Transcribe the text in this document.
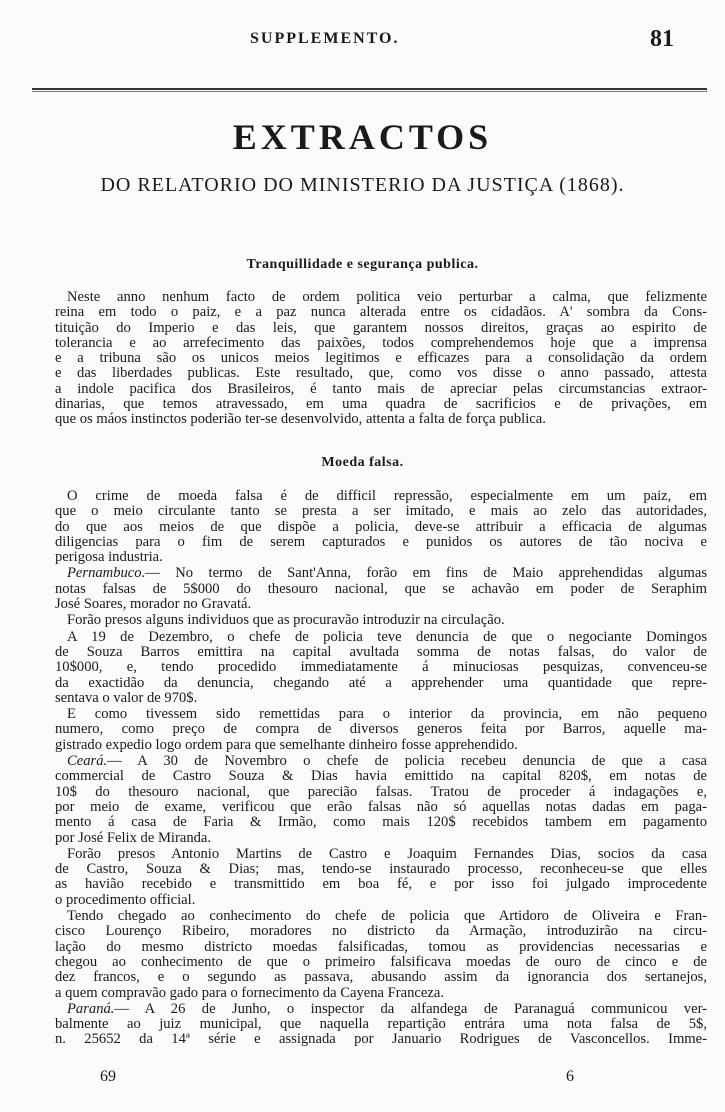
SUPPLEMENTO.	81
EXTRACTOS
DO RELATORIO DO MINISTERIO DA JUSTIÇA (1868).
Tranquillidade e segurança publica.
Neste anno nenhum facto de ordem politica veio perturbar a calma, que felizmente
reina em todo o paiz, e a paz nunca alterada entre os cidadãos. A' sombra da Cons-
tituição do Imperio e das leis, que garantem nossos direitos, graças ao espirito de
tolerancia e ao arrefecimento das paixões, todos comprehendemos hoje que a imprensa
e a tribuna são os unicos meios legitimos e efficazes para a consolidação da ordem
e das liberdades publicas. Este resultado, que, como vos disse o anno passado, attesta
a indole pacifica dos Brasileiros, é tanto mais de apreciar pelas circumstancias extraor-
dinarias, que temos atravessado, em uma quadra de sacrificios e de privações, em
que os máos instinctos poderião ter-se desenvolvido, attenta a falta de força publica.
Moeda falsa.
O crime de moeda falsa é de difficil repressão, especialmente em um paiz, em
que o meio circulante tanto se presta a ser imitado, e mais ao zelo das autoridades,
do que aos meios de que dispõe a policia, deve-se attribuir a efficacia de algumas
diligencias para o fim de serem capturados e punidos os autores de tão nociva e
perigosa industria.
Pernambuco.— No termo de Sant'Anna, forão em fins de Maio apprehendidas algumas
notas falsas de 5$000 do thesouro nacional, que se achavão em poder de Seraphim
José Soares, morador no Gravatá.
Forão presos alguns individuos que as procuravão introduzir na circulação.
A 19 de Dezembro, o chefe de policia teve denuncia de que o negociante Domingos
de Souza Barros emittira na capital avultada somma de notas falsas, do valor de
10$000, e, tendo procedido immediatamente á minuciosas pesquizas, convenceu-se
da exactidão da denuncia, chegando até a apprehender uma quantidade que repre-
sentava o valor de 970$.
E como tivessem sido remettidas para o interior da provincia, em não pequeno
numero, como preço de compra de diversos generos feita por Barros, aquelle ma-
gistrado expedio logo ordem para que semelhante dinheiro fosse apprehendido.
Ceará.— A 30 de Novembro o chefe de policia recebeu denuncia de que a casa
commercial de Castro Souza & Dias havia emittido na capital 820$, em notas de
10$ do thesouro nacional, que parecião falsas. Tratou de proceder á indagações e,
por meio de exame, verificou que erão falsas não só aquellas notas dadas em paga-
mento á casa de Faria & Irmão, como mais 120$ recebidos tambem em pagamento
por José Felix de Miranda.
Forão presos Antonio Martins de Castro e Joaquim Fernandes Dias, socios da casa
de Castro, Souza & Dias; mas, tendo-se instaurado processo, reconheceu-se que elles
as havião recebido e transmittido em boa fé, e por isso foi julgado improcedente
o procedimento official.
Tendo chegado ao conhecimento do chefe de policia que Artidoro de Oliveira e Fran-
cisco Lourenço Ribeiro, moradores no districto da Armação, introduzirão na circu-
lação do mesmo districto moedas falsificadas, tomou as providencias necessarias e
chegou ao conhecimento de que o primeiro falsificava moedas de ouro de cinco e de
dez francos, e o segundo as passava, abusando assim da ignorancia dos sertanejos,
a quem compravão gado para o fornecimento da Cayena Franceza.
Paraná.— A 26 de Junho, o inspector da alfandega de Paranaguá communicou ver-
balmente ao juiz municipal, que naquella repartição entrára uma nota falsa de 5$,
n. 25652 da 14ª série e assignada por Januario Rodrigues de Vasconcellos. Imme-
69	6
